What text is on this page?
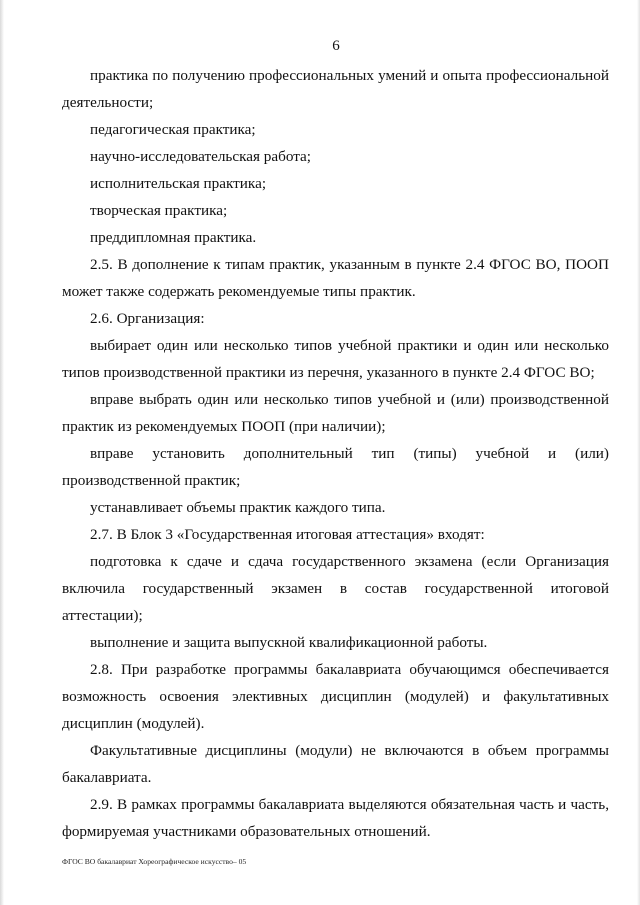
6

практика по получению профессиональных умений и опыта профессиональной деятельности;

педагогическая практика;

научно-исследовательская работа;

исполнительская практика;

творческая практика;

преддипломная практика.

2.5. В дополнение к типам практик, указанным в пункте 2.4 ФГОС ВО, ПООП может также содержать рекомендуемые типы практик.

2.6. Организация:

выбирает один или несколько типов учебной практики и один или несколько типов производственной практики из перечня, указанного в пункте 2.4 ФГОС ВО;

вправе выбрать один или несколько типов учебной и (или) производственной практик из рекомендуемых ПООП (при наличии);

вправе установить дополнительный тип (типы) учебной и (или) производственной практик;

устанавливает объемы практик каждого типа.

2.7. В Блок 3 «Государственная итоговая аттестация» входят:

подготовка к сдаче и сдача государственного экзамена (если Организация включила государственный экзамен в состав государственной итоговой аттестации);

выполнение и защита выпускной квалификационной работы.

2.8. При разработке программы бакалавриата обучающимся обеспечивается возможность освоения элективных дисциплин (модулей) и факультативных дисциплин (модулей).

Факультативные дисциплины (модули) не включаются в объем программы бакалавриата.

2.9. В рамках программы бакалавриата выделяются обязательная часть и часть, формируемая участниками образовательных отношений.

ФГОС ВО бакалавриат Хореографическое искусство– 05
